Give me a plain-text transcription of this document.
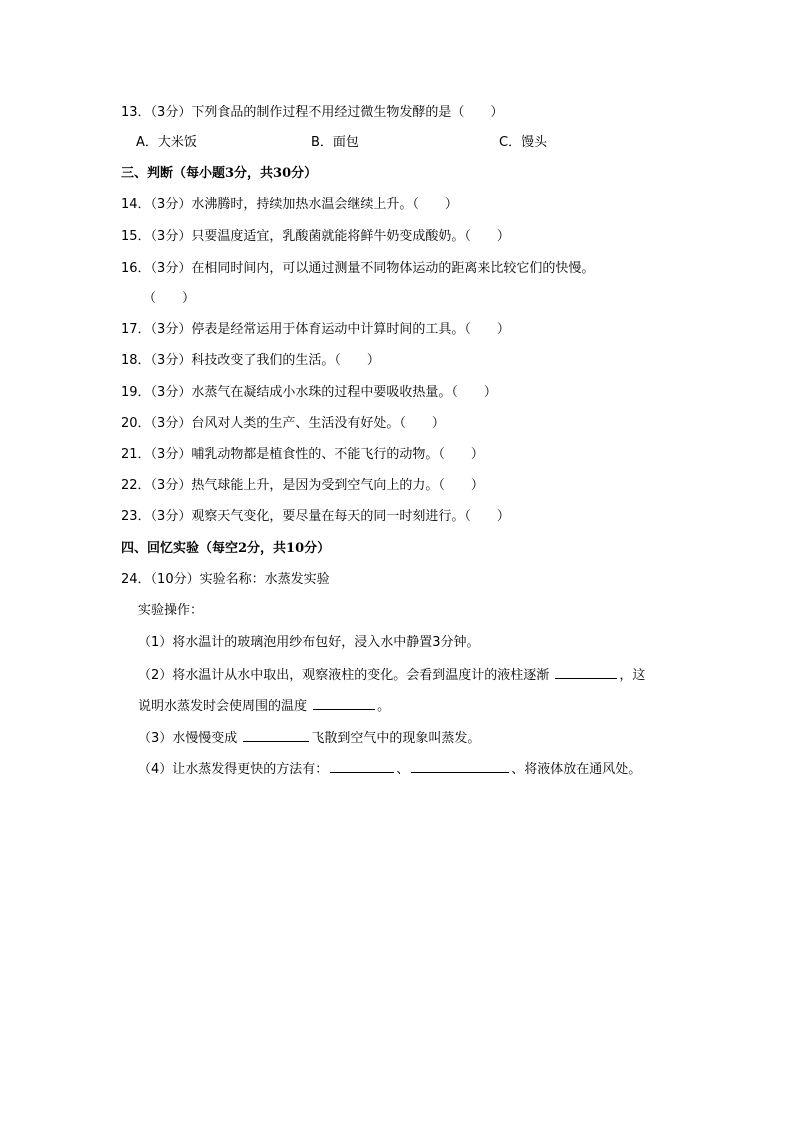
13．（3分）下列食品的制作过程不用经过微生物发酵的是（　　）
A．大米饭	B．面包	C．馒头
三、判断（每小题3分，共30分）
14．（3分）水沸腾时，持续加热水温会继续上升。（　　）
15．（3分）只要温度适宜，乳酸菌就能将鲜牛奶变成酸奶。（　　）
16．（3分）在相同时间内，可以通过测量不同物体运动的距离来比较它们的快慢。
（　　）
17．（3分）停表是经常运用于体育运动中计算时间的工具。（　　）
18．（3分）科技改变了我们的生活。（　　）
19．（3分）水蒸气在凝结成小水珠的过程中要吸收热量。（　　）
20．（3分）台风对人类的生产、生活没有好处。（　　）
21．（3分）哺乳动物都是植食性的、不能飞行的动物。（　　）
22．（3分）热气球能上升，是因为受到空气向上的力。（　　）
23．（3分）观察天气变化，要尽量在每天的同一时刻进行。（　　）
四、回忆实验（每空2分，共10分）
24．（10分）实验名称：水蒸发实验
实验操作：
（1）将水温计的玻璃泡用纱布包好，浸入水中静置3分钟。
（2）将水温计从水中取出，观察液柱的变化。会看到温度计的液柱逐渐	，这
说明水蒸发时会使周围的温度	。
（3）水慢慢变成	飞散到空气中的现象叫蒸发。
（4）让水蒸发得更快的方法有：	、	、将液体放在通风处。
